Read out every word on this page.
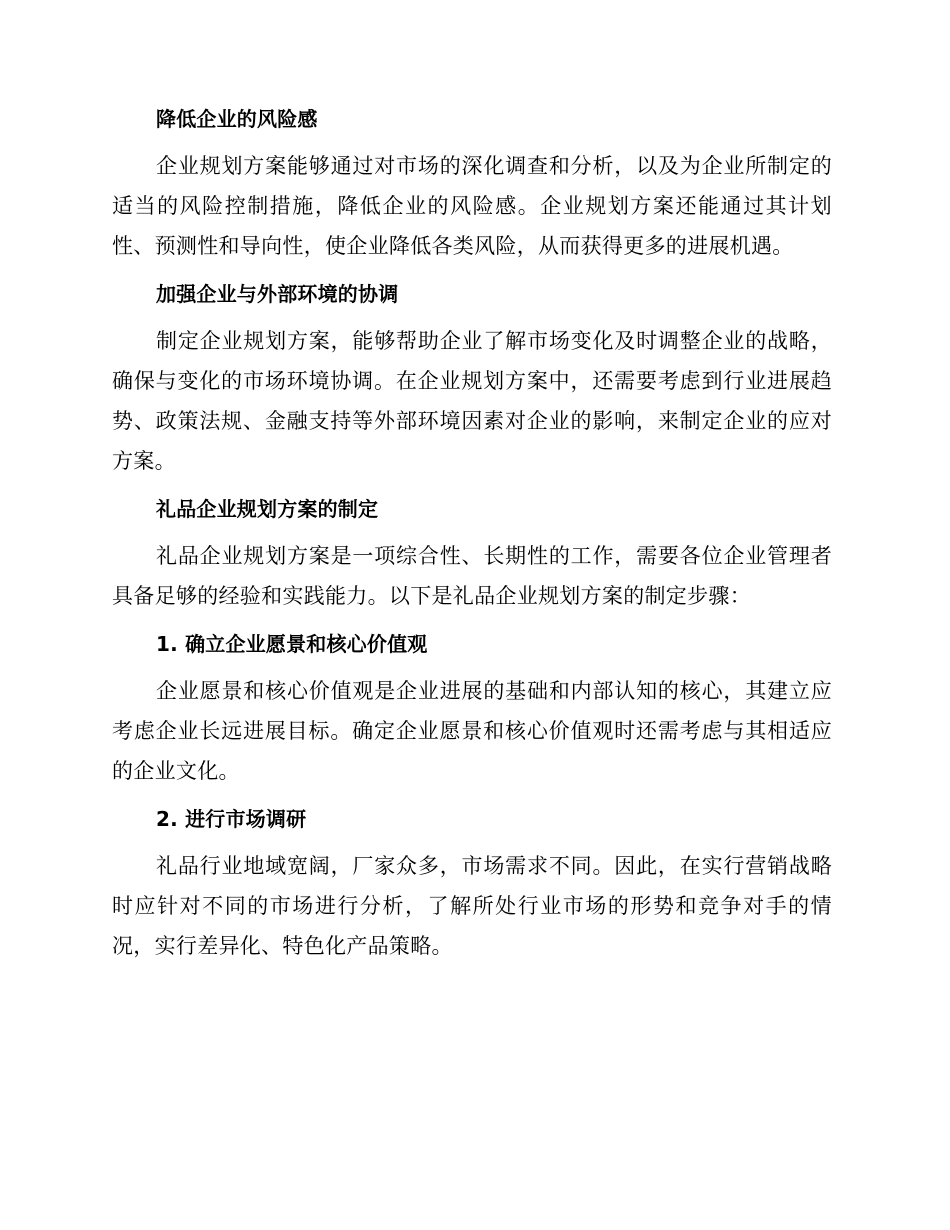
降低企业的风险感

企业规划方案能够通过对市场的深化调查和分析，以及为企业所制定的适当的风险控制措施，降低企业的风险感。企业规划方案还能通过其计划性、预测性和导向性，使企业降低各类风险，从而获得更多的进展机遇。

加强企业与外部环境的协调

制定企业规划方案，能够帮助企业了解市场变化及时调整企业的战略，确保与变化的市场环境协调。在企业规划方案中，还需要考虑到行业进展趋势、政策法规、金融支持等外部环境因素对企业的影响，来制定企业的应对方案。

礼品企业规划方案的制定

礼品企业规划方案是一项综合性、长期性的工作，需要各位企业管理者具备足够的经验和实践能力。以下是礼品企业规划方案的制定步骤：

1. 确立企业愿景和核心价值观

企业愿景和核心价值观是企业进展的基础和内部认知的核心，其建立应考虑企业长远进展目标。确定企业愿景和核心价值观时还需考虑与其相适应的企业文化。

2. 进行市场调研

礼品行业地域宽阔，厂家众多，市场需求不同。因此，在实行营销战略时应针对不同的市场进行分析，了解所处行业市场的形势和竞争对手的情况，实行差异化、特色化产品策略。
